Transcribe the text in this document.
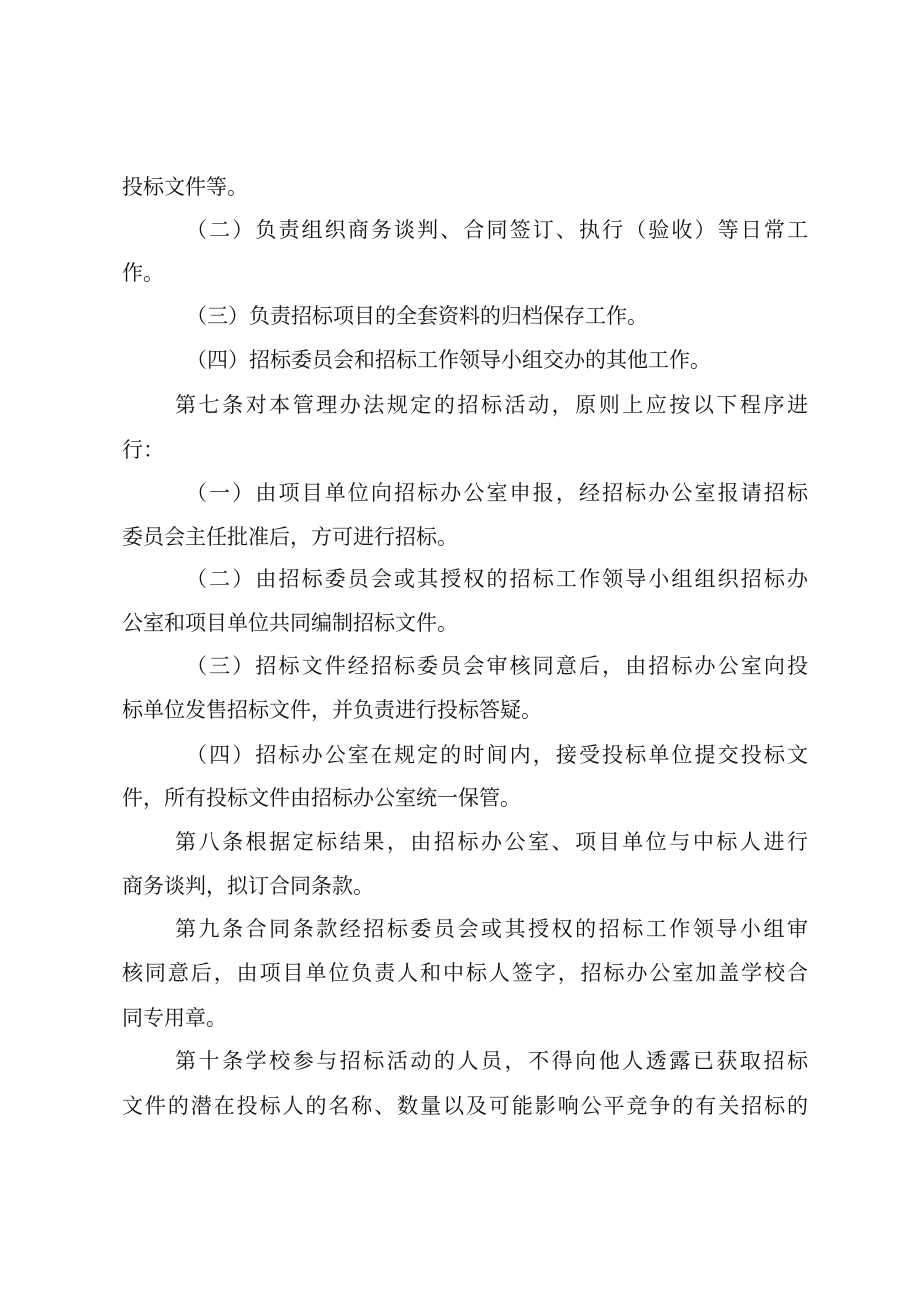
投标文件等。
（二）负责组织商务谈判、合同签订、执行（验收）等日常工
作。
（三）负责招标项目的全套资料的归档保存工作。
（四）招标委员会和招标工作领导小组交办的其他工作。
第七条对本管理办法规定的招标活动，原则上应按以下程序进
行：
（一）由项目单位向招标办公室申报，经招标办公室报请招标
委员会主任批准后，方可进行招标。
（二）由招标委员会或其授权的招标工作领导小组组织招标办
公室和项目单位共同编制招标文件。
（三）招标文件经招标委员会审核同意后，由招标办公室向投
标单位发售招标文件，并负责进行投标答疑。
（四）招标办公室在规定的时间内，接受投标单位提交投标文
件，所有投标文件由招标办公室统一保管。
第八条根据定标结果，由招标办公室、项目单位与中标人进行
商务谈判，拟订合同条款。
第九条合同条款经招标委员会或其授权的招标工作领导小组审
核同意后，由项目单位负责人和中标人签字，招标办公室加盖学校合
同专用章。
第十条学校参与招标活动的人员，不得向他人透露已获取招标
文件的潜在投标人的名称、数量以及可能影响公平竞争的有关招标的
